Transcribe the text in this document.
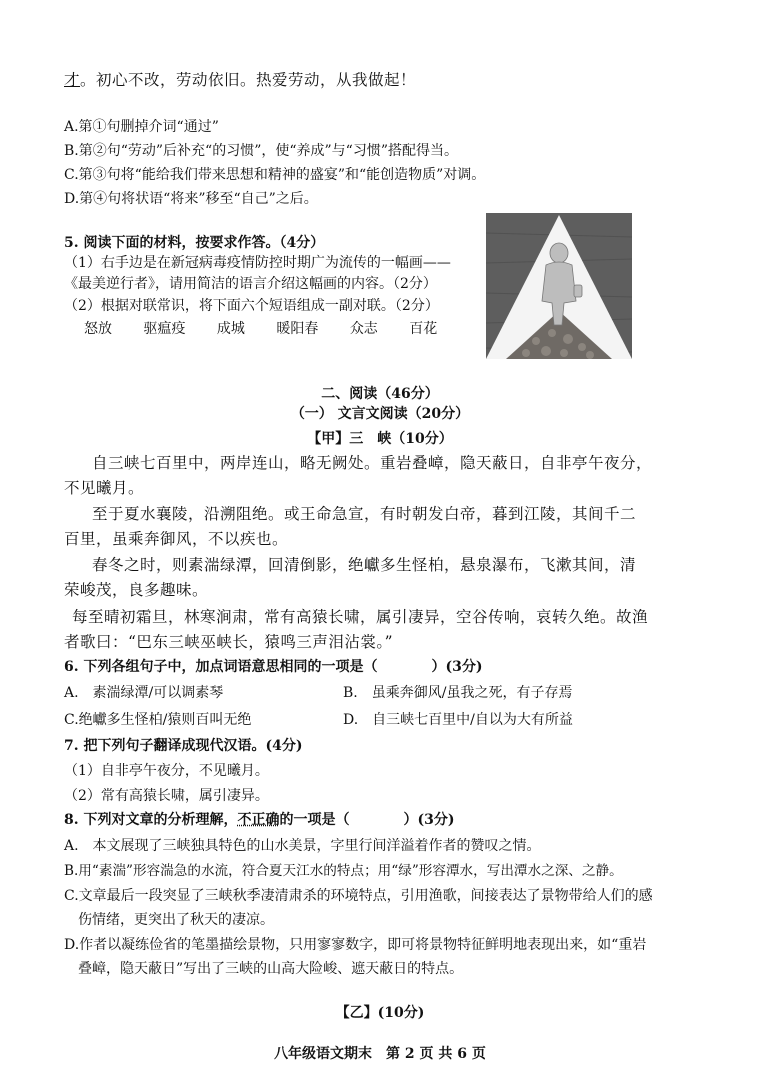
才。初心不改，劳动依旧。热爱劳动，从我做起！
A.第①句删掉介词“通过”
B.第②句“劳动”后补充“的习惯”，使“养成”与“习惯”搭配得当。
C.第③句将“能给我们带来思想和精神的盛宴”和“能创造物质”对调。
D.第④句将状语“将来”移至“自己”之后。
5. 阅读下面的材料，按要求作答。（4分）
（1）右手边是在新冠病毒疫情防控时期广为流传的一幅画——
《最美逆行者》，请用简洁的语言介绍这幅画的内容。（2分）
（2）根据对联常识，将下面六个短语组成一副对联。（2分）
怒放 驱瘟疫 成城 暖阳春 众志 百花
二、阅读（46分）
（一） 文言文阅读（20分）
【甲】三　峡（10分）
自三峡七百里中，两岸连山，略无阙处。重岩叠嶂，隐天蔽日，自非亭午夜分，
不见曦月。
至于夏水襄陵，沿溯阻绝。或王命急宣，有时朝发白帝，暮到江陵，其间千二
百里，虽乘奔御风，不以疾也。
春冬之时，则素湍绿潭，回清倒影，绝巘多生怪柏，悬泉瀑布，飞漱其间，清
荣峻茂，良多趣味。
每至晴初霜旦，林寒涧肃，常有高猿长啸，属引凄异，空谷传响，哀转久绝。故渔
者歌曰：“巴东三峡巫峡长，猿鸣三声泪沾裳。”
6. 下列各组句子中，加点词语意思相同的一项是（	）(3分)
A.　素湍绿潭/可以调素琴	B.　虽乘奔御风/虽我之死，有子存焉
C.绝巘多生怪柏/猿则百叫无绝	D.　自三峡七百里中/自以为大有所益
7. 把下列句子翻译成现代汉语。(4分)
（1）自非亭午夜分，不见曦月。
（2）常有高猿长啸，属引凄异。
8. 下列对文章的分析理解，不正确的一项是（	）(3分)
A.　本文展现了三峡独具特色的山水美景，字里行间洋溢着作者的赞叹之情。
B.用“素湍”形容湍急的水流，符合夏天江水的特点；用“绿”形容潭水，写出潭水之深、之静。
C.文章最后一段突显了三峡秋季凄清肃杀的环境特点，引用渔歌，间接表达了景物带给人们的感
　伤情绪，更突出了秋天的凄凉。
D.作者以凝练俭省的笔墨描绘景物，只用寥寥数字，即可将景物特征鲜明地表现出来，如“重岩
　叠嶂，隐天蔽日”写出了三峡的山高大险峻、遮天蔽日的特点。
【乙】(10分)
八年级语文期末　第 2 页 共 6 页
